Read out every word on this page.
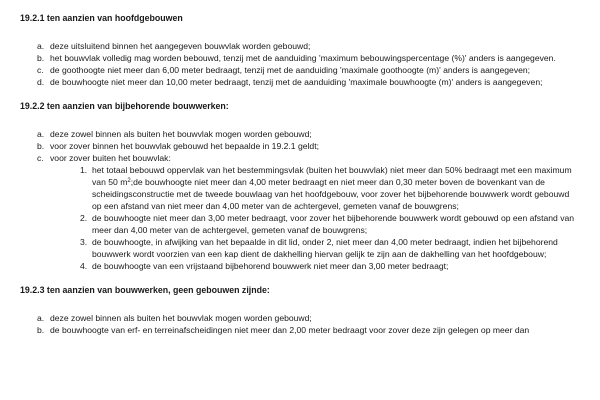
19.2.1 ten aanzien van hoofdgebouwen

a. deze uitsluitend binnen het aangegeven bouwvlak worden gebouwd;

b. het bouwvlak volledig mag worden bebouwd, tenzij met de aanduiding 'maximum bebouwingspercentage (%)' anders is aangegeven.

c. de goothoogte niet meer dan 6,00 meter bedraagt, tenzij met de aanduiding 'maximale goothoogte (m)' anders is aangegeven;

d. de bouwhoogte niet meer dan 10,00 meter bedraagt, tenzij met de aanduiding 'maximale bouwhoogte (m)' anders is aangegeven;

19.2.2 ten aanzien van bijbehorende bouwwerken:

a. deze zowel binnen als buiten het bouwvlak mogen worden gebouwd;

b. voor zover binnen het bouwvlak gebouwd het bepaalde in 19.2.1 geldt;

c. voor zover buiten het bouwvlak:

1. het totaal bebouwd oppervlak van het bestemmingsvlak (buiten het bouwvlak) niet meer dan 50% bedraagt met een maximum van 50 $m^2;de$ bouwhoogte niet meer dan 4,00 meter bedraagt en niet meer dan 0,30 meter boven de bovenkant van de scheidingsconstructie met de tweede bouwlaag van het hoofdgebouw, voor zover het bijbehorende bouwwerk wordt gebouwd op een afstand van niet meer dan 4,00 meter van de achtergevel, gemeten vanaf de bouwgrens;

2. de bouwhoogte niet meer dan 3,00 meter bedraagt, voor zover het bijbehorende bouwwerk wordt gebouwd op een afstand van meer dan 4,00 meter van de achtergevel, gemeten vanaf de bouwgrens;

3. de bouwhoogte, in afwijking van het bepaalde in dit lid, onder 2, niet meer dan 4,00 meter bedraagt, indien het bijbehorend bouwwerk wordt voorzien van een kap dient de dakhelling hiervan gelijk te zijn aan de dakhelling van het hoofdgebouw;

4. de bouwhoogte van een vrijstaand bijbehorend bouwwerk niet meer dan 3,00 meter bedraagt;

19.2.3 ten aanzien van bouwwerken, geen gebouwen zijnde:

a. deze zowel binnen als buiten het bouwvlak mogen worden gebouwd;

b. de bouwhoogte van erf- en terreinafscheidingen niet meer dan 2,00 meter bedraagt voor zover deze zijn gelegen op meer dan
